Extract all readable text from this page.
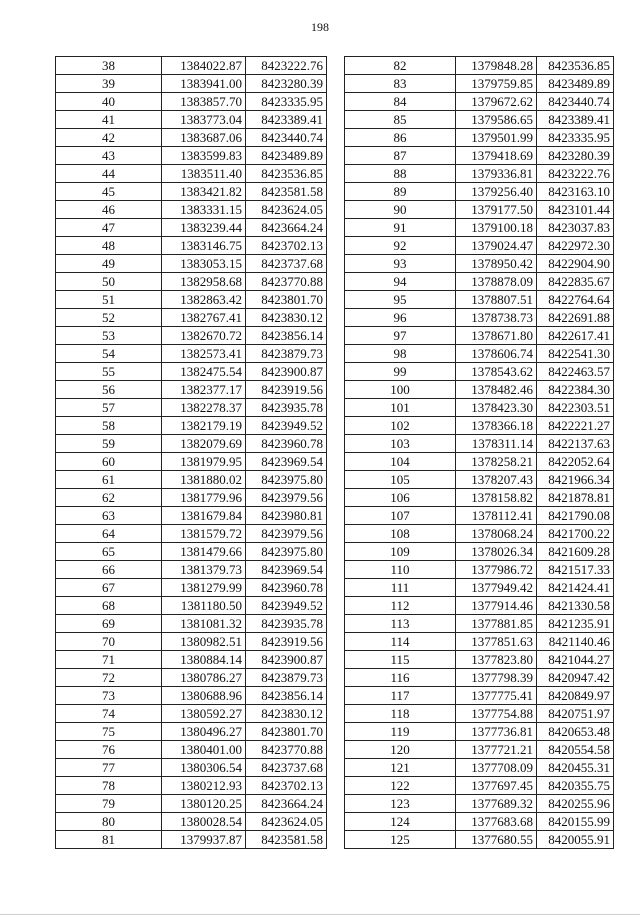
198
38	1384022.87	8423222.76
39	1383941.00	8423280.39
40	1383857.70	8423335.95
41	1383773.04	8423389.41
42	1383687.06	8423440.74
43	1383599.83	8423489.89
44	1383511.40	8423536.85
45	1383421.82	8423581.58
46	1383331.15	8423624.05
47	1383239.44	8423664.24
48	1383146.75	8423702.13
49	1383053.15	8423737.68
50	1382958.68	8423770.88
51	1382863.42	8423801.70
52	1382767.41	8423830.12
53	1382670.72	8423856.14
54	1382573.41	8423879.73
55	1382475.54	8423900.87
56	1382377.17	8423919.56
57	1382278.37	8423935.78
58	1382179.19	8423949.52
59	1382079.69	8423960.78
60	1381979.95	8423969.54
61	1381880.02	8423975.80
62	1381779.96	8423979.56
63	1381679.84	8423980.81
64	1381579.72	8423979.56
65	1381479.66	8423975.80
66	1381379.73	8423969.54
67	1381279.99	8423960.78
68	1381180.50	8423949.52
69	1381081.32	8423935.78
70	1380982.51	8423919.56
71	1380884.14	8423900.87
72	1380786.27	8423879.73
73	1380688.96	8423856.14
74	1380592.27	8423830.12
75	1380496.27	8423801.70
76	1380401.00	8423770.88
77	1380306.54	8423737.68
78	1380212.93	8423702.13
79	1380120.25	8423664.24
80	1380028.54	8423624.05
81	1379937.87	8423581.58
82	1379848.28	8423536.85
83	1379759.85	8423489.89
84	1379672.62	8423440.74
85	1379586.65	8423389.41
86	1379501.99	8423335.95
87	1379418.69	8423280.39
88	1379336.81	8423222.76
89	1379256.40	8423163.10
90	1379177.50	8423101.44
91	1379100.18	8423037.83
92	1379024.47	8422972.30
93	1378950.42	8422904.90
94	1378878.09	8422835.67
95	1378807.51	8422764.64
96	1378738.73	8422691.88
97	1378671.80	8422617.41
98	1378606.74	8422541.30
99	1378543.62	8422463.57
100	1378482.46	8422384.30
101	1378423.30	8422303.51
102	1378366.18	8422221.27
103	1378311.14	8422137.63
104	1378258.21	8422052.64
105	1378207.43	8421966.34
106	1378158.82	8421878.81
107	1378112.41	8421790.08
108	1378068.24	8421700.22
109	1378026.34	8421609.28
110	1377986.72	8421517.33
111	1377949.42	8421424.41
112	1377914.46	8421330.58
113	1377881.85	8421235.91
114	1377851.63	8421140.46
115	1377823.80	8421044.27
116	1377798.39	8420947.42
117	1377775.41	8420849.97
118	1377754.88	8420751.97
119	1377736.81	8420653.48
120	1377721.21	8420554.58
121	1377708.09	8420455.31
122	1377697.45	8420355.75
123	1377689.32	8420255.96
124	1377683.68	8420155.99
125	1377680.55	8420055.91
